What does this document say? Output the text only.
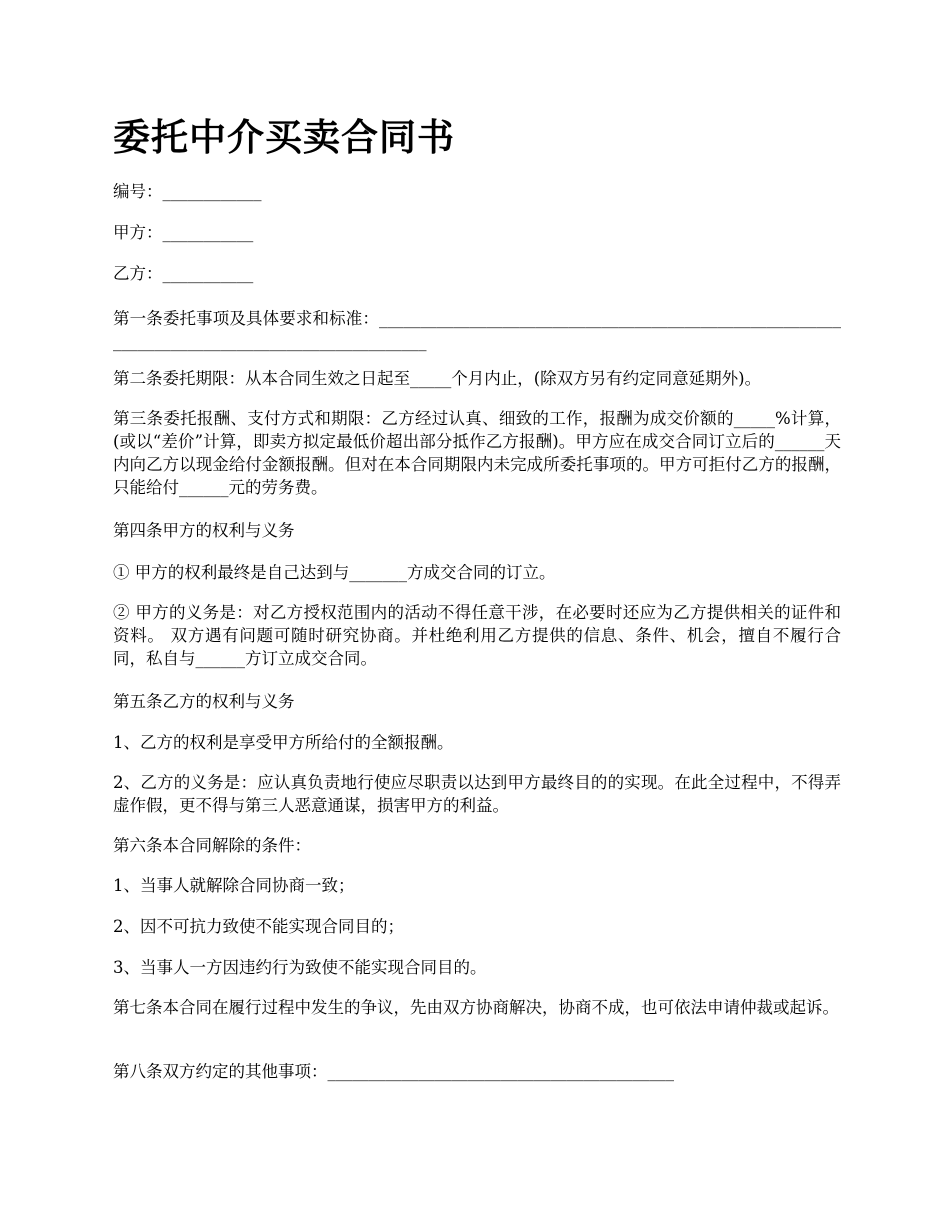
委托中介买卖合同书

编号：____________

甲方：___________

乙方：___________

第一条委托事项及具体要求和标准：______________________________________________________________________________________________

第二条委托期限：从本合同生效之日起至_____个月内止，(除双方另有约定同意延期外)。

第三条委托报酬、支付方式和期限：乙方经过认真、细致的工作，报酬为成交价额的_____%计算，(或以“差价”计算，即卖方拟定最低价超出部分抵作乙方报酬)。甲方应在成交合同订立后的______天内向乙方以现金给付金额报酬。但对在本合同期限内未完成所委托事项的。甲方可拒付乙方的报酬，只能给付______元的劳务费。

第四条甲方的权利与义务

① 甲方的权利最终是自己达到与_______方成交合同的订立。

② 甲方的义务是：对乙方授权范围内的活动不得任意干涉，在必要时还应为乙方提供相关的证件和资料。 双方遇有问题可随时研究协商。并杜绝利用乙方提供的信息、条件、机会，擅自不履行合同，私自与______方订立成交合同。

第五条乙方的权利与义务

1、乙方的权利是享受甲方所给付的全额报酬。

2、乙方的义务是：应认真负责地行使应尽职责以达到甲方最终目的的实现。在此全过程中，不得弄虚作假，更不得与第三人恶意通谋，损害甲方的利益。

第六条本合同解除的条件：

1、当事人就解除合同协商一致；

2、因不可抗力致使不能实现合同目的；

3、当事人一方因违约行为致使不能实现合同目的。

第七条本合同在履行过程中发生的争议，先由双方协商解决，协商不成，也可依法申请仲裁或起诉。

第八条双方约定的其他事项：__________________________________________
